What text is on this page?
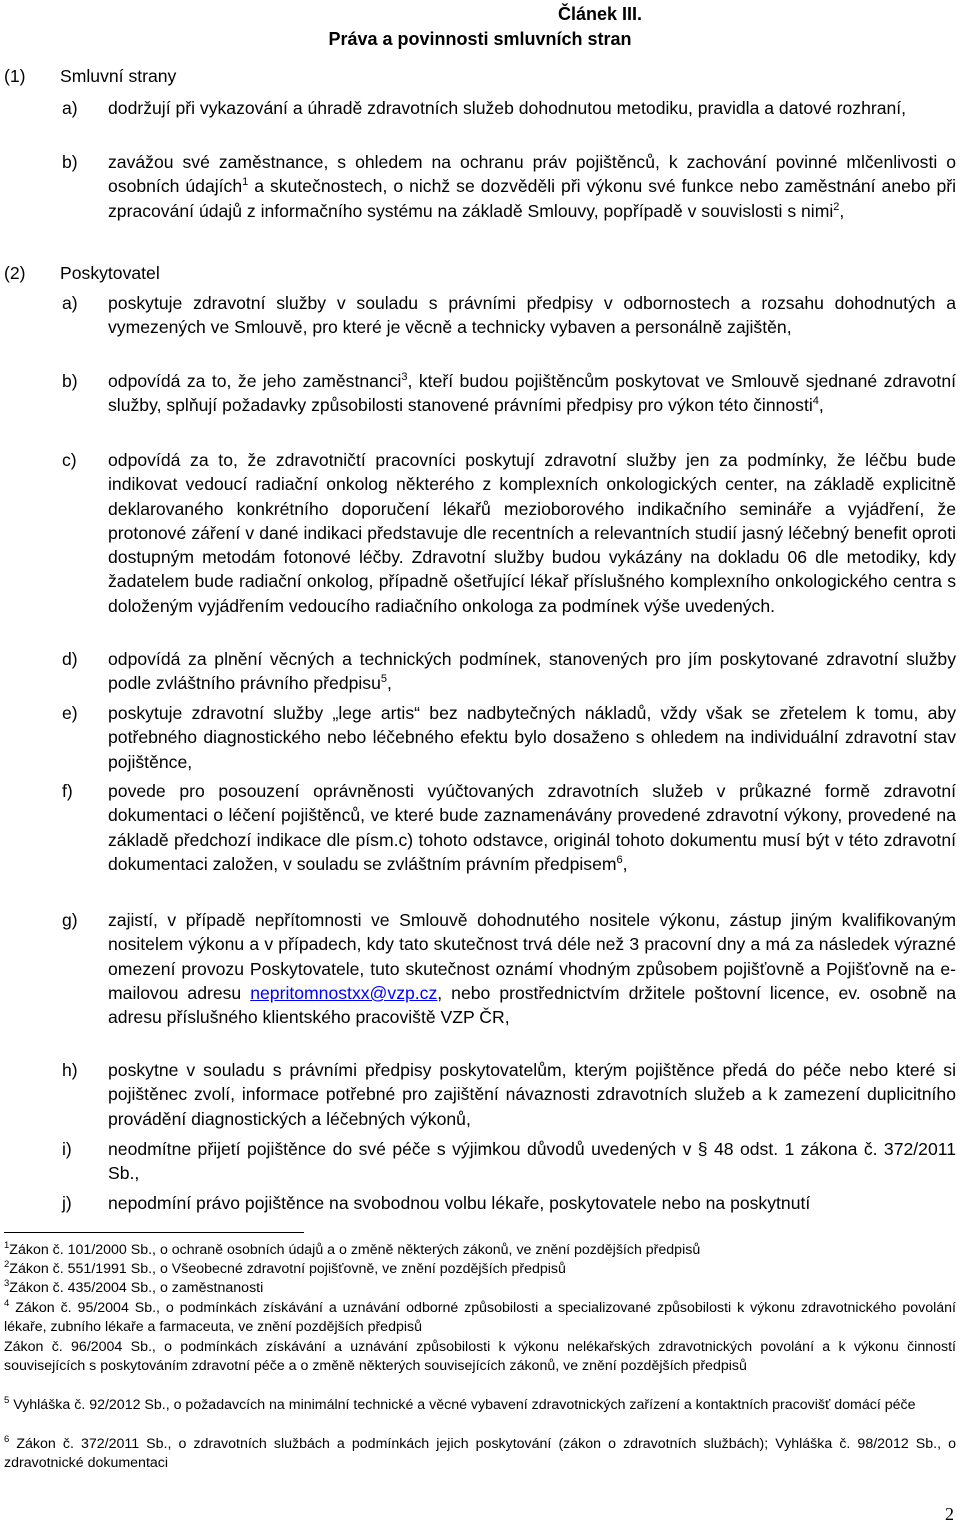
Článek III.
Práva a povinnosti smluvních stran
(1) Smluvní strany
a)	dodržují při vykazování a úhradě zdravotních služeb dohodnutou metodiku, pravidla a datové rozhraní,
b)	zavážou své zaměstnance, s ohledem na ochranu práv pojištěnců, k zachování povinné mlčenlivosti o osobních údajích$^1$ a skutečnostech, o nichž se dozvěděli při výkonu své funkce nebo zaměstnání anebo při zpracování údajů z informačního systému na základě Smlouvy, popřípadě v souvislosti s nimi$^2$,
(2) Poskytovatel
a)	poskytuje zdravotní služby v souladu s právními předpisy v odbornostech a rozsahu dohodnutých a vymezených ve Smlouvě, pro které je věcně a technicky vybaven a personálně zajištěn,
b)	odpovídá za to, že jeho zaměstnanci$^3$, kteří budou pojištěncům poskytovat ve Smlouvě sjednané zdravotní služby, splňují požadavky způsobilosti stanovené právními předpisy pro výkon této činnosti$^4$,
c)	odpovídá za to, že zdravotničtí pracovníci poskytují zdravotní služby jen za podmínky, že léčbu bude indikovat vedoucí radiační onkolog některého z komplexních onkologických center, na základě explicitně deklarovaného konkrétního doporučení lékařů mezioborového indikačního semináře a vyjádření, že protonové záření v dané indikaci představuje dle recentních a relevantních studií jasný léčebný benefit oproti dostupným metodám fotonové léčby. Zdravotní služby budou vykázány na dokladu 06 dle metodiky, kdy žadatelem bude radiační onkolog, případně ošetřující lékař příslušného komplexního onkologického centra s doloženým vyjádřením vedoucího radiačního onkologa za podmínek výše uvedených.
d)	odpovídá za plnění věcných a technických podmínek, stanovených pro jím poskytované zdravotní služby podle zvláštního právního předpisu$^5$,
e)	poskytuje zdravotní služby „lege artis“ bez nadbytečných nákladů, vždy však se zřetelem k tomu, aby potřebného diagnostického nebo léčebného efektu bylo dosaženo s ohledem na individuální zdravotní stav pojištěnce,
f)	povede pro posouzení oprávněnosti vyúčtovaných zdravotních služeb v průkazné formě zdravotní dokumentaci o léčení pojištěnců, ve které bude zaznamenávány provedené zdravotní výkony, provedené na základě předchozí indikace dle písm.c) tohoto odstavce, originál tohoto dokumentu musí být v této zdravotní dokumentaci založen, v souladu se zvláštním právním předpisem$^6$,
g)	zajistí, v případě nepřítomnosti ve Smlouvě dohodnutého nositele výkonu, zástup jiným kvalifikovaným nositelem výkonu a v případech, kdy tato skutečnost trvá déle než 3 pracovní dny a má za následek výrazné omezení provozu Poskytovatele, tuto skutečnost oznámí vhodným způsobem pojišťovně a Pojišťovně na e-mailovou adresu nepritomnostxx@vzp.cz, nebo prostřednictvím držitele poštovní licence, ev. osobně na adresu příslušného klientského pracoviště VZP ČR,
h)	poskytne v souladu s právními předpisy poskytovatelům, kterým pojištěnce předá do péče nebo které si pojištěnec zvolí, informace potřebné pro zajištění návaznosti zdravotních služeb a k zamezení duplicitního provádění diagnostických a léčebných výkonů,
i)	neodmítne přijetí pojištěnce do své péče s výjimkou důvodů uvedených v § 48 odst. 1 zákona č. 372/2011 Sb.,
j)	nepodmíní právo pojištěnce na svobodnou volbu lékaře, poskytovatele nebo na poskytnutí
$^1$Zákon č. 101/2000 Sb., o ochraně osobních údajů a o změně některých zákonů, ve znění pozdějších předpisů
$^2$Zákon č. 551/1991 Sb., o Všeobecné zdravotní pojišťovně, ve znění pozdějších předpisů
$^3$Zákon č. 435/2004 Sb., o zaměstnanosti
$^4$ Zákon č. 95/2004 Sb., o podmínkách získávání a uznávání odborné způsobilosti a specializované způsobilosti k výkonu zdravotnického povolání lékaře, zubního lékaře a farmaceuta, ve znění pozdějších předpisů
Zákon č. 96/2004 Sb., o podmínkách získávání a uznávání způsobilosti k výkonu nelékařských zdravotnických povolání a k výkonu činností souvisejících s poskytováním zdravotní péče a o změně některých souvisejících zákonů, ve znění pozdějších předpisů
$^5$ Vyhláška č. 92/2012 Sb., o požadavcích na minimální technické a věcné vybavení zdravotnických zařízení a kontaktních pracovišť domácí péče
$^6$ Zákon č. 372/2011 Sb., o zdravotních službách a podmínkách jejich poskytování (zákon o zdravotních službách); Vyhláška č. 98/2012 Sb., o zdravotnické dokumentaci
2
